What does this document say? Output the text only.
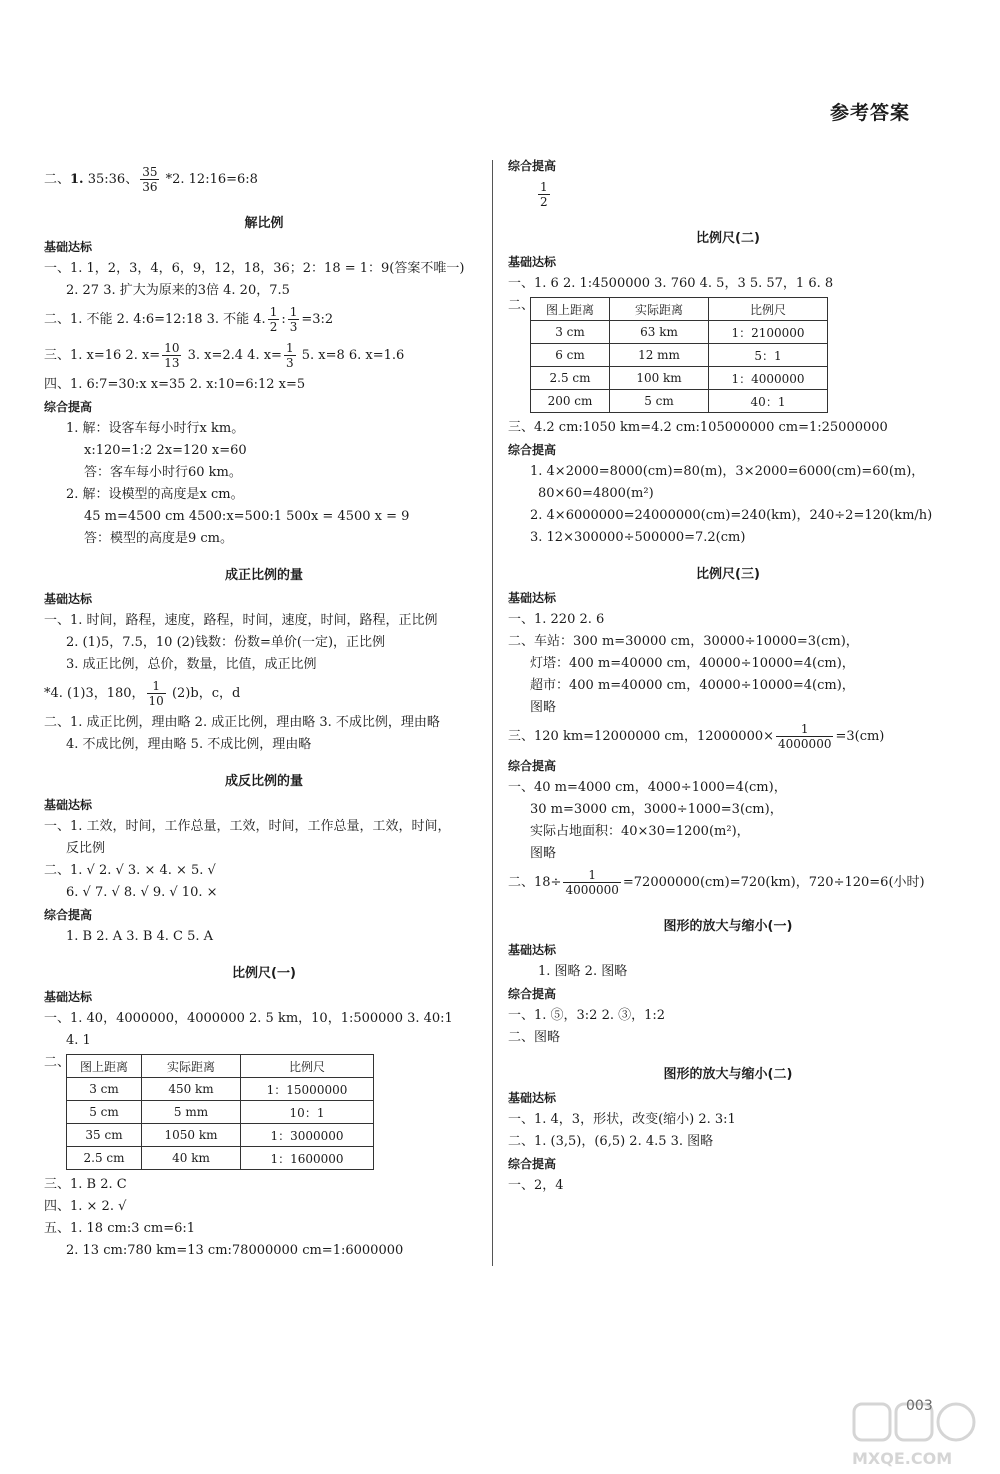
参考答案
二、1. 35:36、 $\frac{35}{36} *2$. 12:16=6:8
解比例
基础达标
一、1. 1，2，3，4，6，9，12，18，36；2：18 = 1：9(答案不唯一)
2. 27 3. 扩大为原来的3倍 4. 20，7.5
二、1. 不能 2. 4:6=12:18 3. 不能 4. $\frac{1}{2}$ : $\frac{1}{3}$ =3:2
三、1. x=16 2. $x= \frac{10}{13} 3$. x=2.4 4. $x= \frac{1}{3} 5$. x=8 6. x=1.6
四、1. 6:7=30:x x=35 2. x:10=6:12 x=5
综合提高
1. 解：设客车每小时行x km。
x:120=1:2 2x=120 x=60
答：客车每小时行60 km。
2. 解：设模型的高度是x cm。
45 m=4500 cm 4500:x=500:1 500x = 4500 x = 9
答：模型的高度是9 cm。
成正比例的量
基础达标
一、1. 时间，路程，速度，路程，时间，速度，时间，路程，正比例
2. (1)5，7.5，10 (2)钱数：份数=单价(一定)，正比例
3. 成正比例，总价，数量，比值，成正比例
*4. (1)3，180， $\frac{1}{10} (2)b$，c，d
二、1. 成正比例，理由略 2. 成正比例，理由略 3. 不成比例，理由略
4. 不成比例，理由略 5. 不成比例，理由略
成反比例的量
基础达标
一、1. 工效，时间，工作总量，工效，时间，工作总量，工效，时间，
反比例
二、1. √ 2. √ 3. × 4. × 5. √
6. √ 7. √ 8. √ 9. √ 10. ×
综合提高
1. B 2. A 3. B 4. C 5. A
比例尺(一)
基础达标
一、1. 40，4000000，4000000 2. 5 km，10，1:500000 3. 40:1
4. 1
二、 图上距离	实际距离	比例尺
3 cm	450 km	1：15000000
5 cm	5 mm	10：1
35 cm	1050 km	1：3000000
2.5 cm	40 km	1：1600000
三、1. B 2. C
四、1. × 2. √
五、1. 18 cm:3 cm=6:1
2. 13 cm:780 km=13 cm:78000000 cm=1:6000000
综合提高
$\frac{1}{2}$
比例尺(二)
基础达标
一、1. 6 2. 1:4500000 3. 760 4. 5，3 5. 57，1 6. 8
二、 图上距离	实际距离	比例尺
3 cm	63 km	1：2100000
6 cm	12 mm	5：1
2.5 cm	100 km	1：4000000
200 cm	5 cm	40：1
三、4.2 cm:1050 km=4.2 cm:105000000 cm=1:25000000
综合提高
1. 4×2000=8000(cm)=80(m)，3×2000=6000(cm)=60(m)，
80×60=4800(m²)
2. 4×6000000=24000000(cm)=240(km)，240÷2=120(km/h)
3. 12×300000÷500000=7.2(cm)
比例尺(三)
基础达标
一、1. 220 2. 6
二、车站：300 m=30000 cm，30000÷10000=3(cm)，
灯塔：400 m=40000 cm，40000÷10000=4(cm)，
超市：400 m=40000 cm，40000÷10000=4(cm)，
图略
三、120 km=12000000 cm，$12000000\times \frac{1}{4000000} =3(cm)$
综合提高
一、40 m=4000 cm，4000÷1000=4(cm)，
30 m=3000 cm，3000÷1000=3(cm)，
实际占地面积：40×30=1200(m²)，
图略
二、$18\div \frac{1}{4000000} =72000000(cm)=720(km)$，720÷120=6(小时)
图形的放大与缩小(一)
基础达标
1. 图略 2. 图略
综合提高
一、1. ⑤，3:2 2. ③，1:2
二、图略
图形的放大与缩小(二)
基础达标
一、1. 4，3，形状，改变(缩小) 2. 3:1
二、1. (3,5)，(6,5) 2. 4.5 3. 图略
综合提高
一、2，4
003
MXQE.COM
